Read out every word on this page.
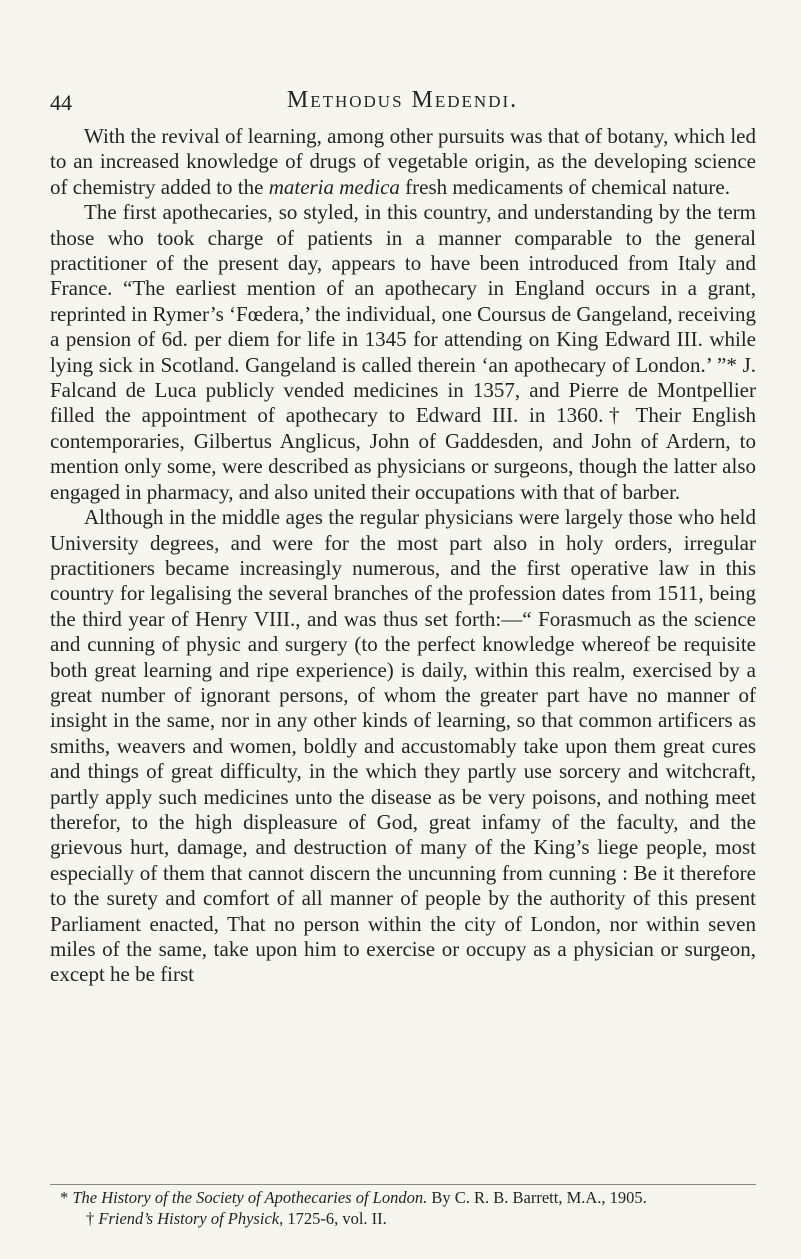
44	Methodus Medendi.

With the revival of learning, among other pursuits was that of botany, which led to an increased knowledge of drugs of vegetable origin, as the developing science of chemistry added to the materia medica fresh medicaments of chemical nature.

The first apothecaries, so styled, in this country, and understanding by the term those who took charge of patients in a manner comparable to the general practitioner of the present day, appears to have been introduced from Italy and France. “The earliest mention of an apothecary in England occurs in a grant, reprinted in Rymer’s ‘Fœdera,’ the individual, one Coursus de Gangeland, receiving a pension of 6d. per diem for life in 1345 for attending on King Edward III. while lying sick in Scotland. Gangeland is called therein ‘an apothecary of London.’ ”* J. Falcand de Luca publicly vended medicines in 1357, and Pierre de Montpellier filled the appointment of apothecary to Edward III. in 1360.† Their English contemporaries, Gilbertus Anglicus, John of Gaddesden, and John of Ardern, to mention only some, were described as physicians or surgeons, though the latter also engaged in pharmacy, and also united their occupations with that of barber.

Although in the middle ages the regular physicians were largely those who held University degrees, and were for the most part also in holy orders, irregular practitioners became increasingly numerous, and the first operative law in this country for legalising the several branches of the profession dates from 1511, being the third year of Henry VIII., and was thus set forth:—“ Forasmuch as the science and cunning of physic and surgery (to the perfect knowledge whereof be requisite both great learning and ripe experience) is daily, within this realm, exercised by a great number of ignorant persons, of whom the greater part have no manner of insight in the same, nor in any other kinds of learning, so that common artificers as smiths, weavers and women, boldly and accustomably take upon them great cures and things of great difficulty, in the which they partly use sorcery and witchcraft, partly apply such medicines unto the disease as be very poisons, and nothing meet therefor, to the high displeasure of God, great infamy of the faculty, and the grievous hurt, damage, and destruction of many of the King’s liege people, most especially of them that cannot discern the uncunning from cunning : Be it therefore to the surety and comfort of all manner of people by the authority of this present Parliament enacted, That no person within the city of London, nor within seven miles of the same, take upon him to exercise or occupy as a physician or surgeon, except he be first

* The History of the Society of Apothecaries of London. By C. R. B. Barrett, M.A., 1905.

† Friend’s History of Physick, 1725-6, vol. II.
